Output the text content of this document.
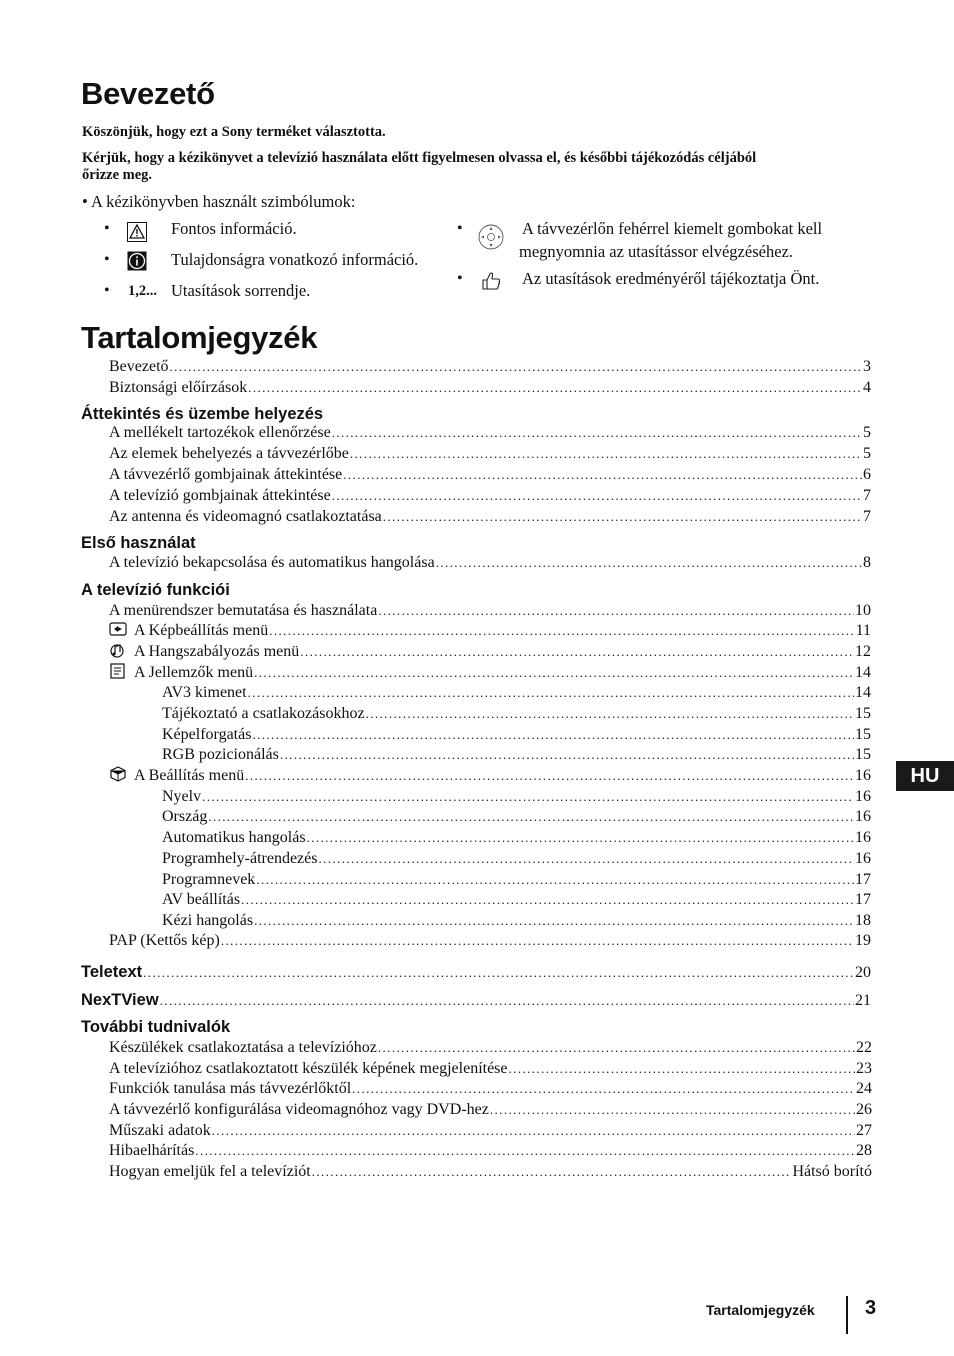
Bevezető
Köszönjük, hogy ezt a Sony terméket választotta.
Kérjük, hogy a kézikönyvet a televízió használata előtt figyelmesen olvassa el, és későbbi tájékozódás céljából
őrizze meg.
• A kézikönyvben használt szimbólumok:
•	Fontos információ.
•	Tulajdonságra vonatkozó információ.
• 1,2... Utasítások sorrendje.
•	A távvezérlőn fehérrel kiemelt gombokat kell
megnyomnia az utasítássor elvégzéséhez.
•	Az utasítások eredményéről tájékoztatja Önt.
Tartalomjegyzék
Bevezető .....	3
Biztonsági előírzások .....	4
Áttekintés és üzembe helyezés
A mellékelt tartozékok ellenőrzése .....	5
Az elemek behelyezés a távvezérlőbe .....	5
A távvezérlő gombjainak áttekintése .....	6
A televízió gombjainak áttekintése .....	7
Az antenna és videomagnó csatlakoztatása .....	7
Első használat
A televízió bekapcsolása és automatikus hangolása .....	8
A televízió funkciói
A menürendszer bemutatása és használata .....	10
A Képbeállítás menü .....	11
A Hangszabályozás menü .....	12
A Jellemzők menü .....	14
AV3 kimenet .....	14
Tájékoztató a csatlakozásokhoz .....	15
Képelforgatás .....	15
RGB pozicionálás .....	15
A Beállítás menü .....	16
Nyelv .....	16
Ország .....	16
Automatikus hangolás .....	16
Programhely-átrendezés .....	16
Programnevek .....	17
AV beállítás .....	17
Kézi hangolás .....	18
PAP (Kettős kép) .....	19
Teletext .....	20
NexTView .....	21
További tudnivalók
Készülékek csatlakoztatása a televízióhoz .....	22
A televízióhoz csatlakoztatott készülék képének megjelenítése .....	23
Funkciók tanulása más távvezérlőktől .....	24
A távvezérlő konfigurálása videomagnóhoz vagy DVD-hez .....	26
Műszaki adatok .....	27
Hibaelhárítás .....	28
Hogyan emeljük fel a televíziót .....	Hátsó borító
HU
Tartalomjegyzék	3
